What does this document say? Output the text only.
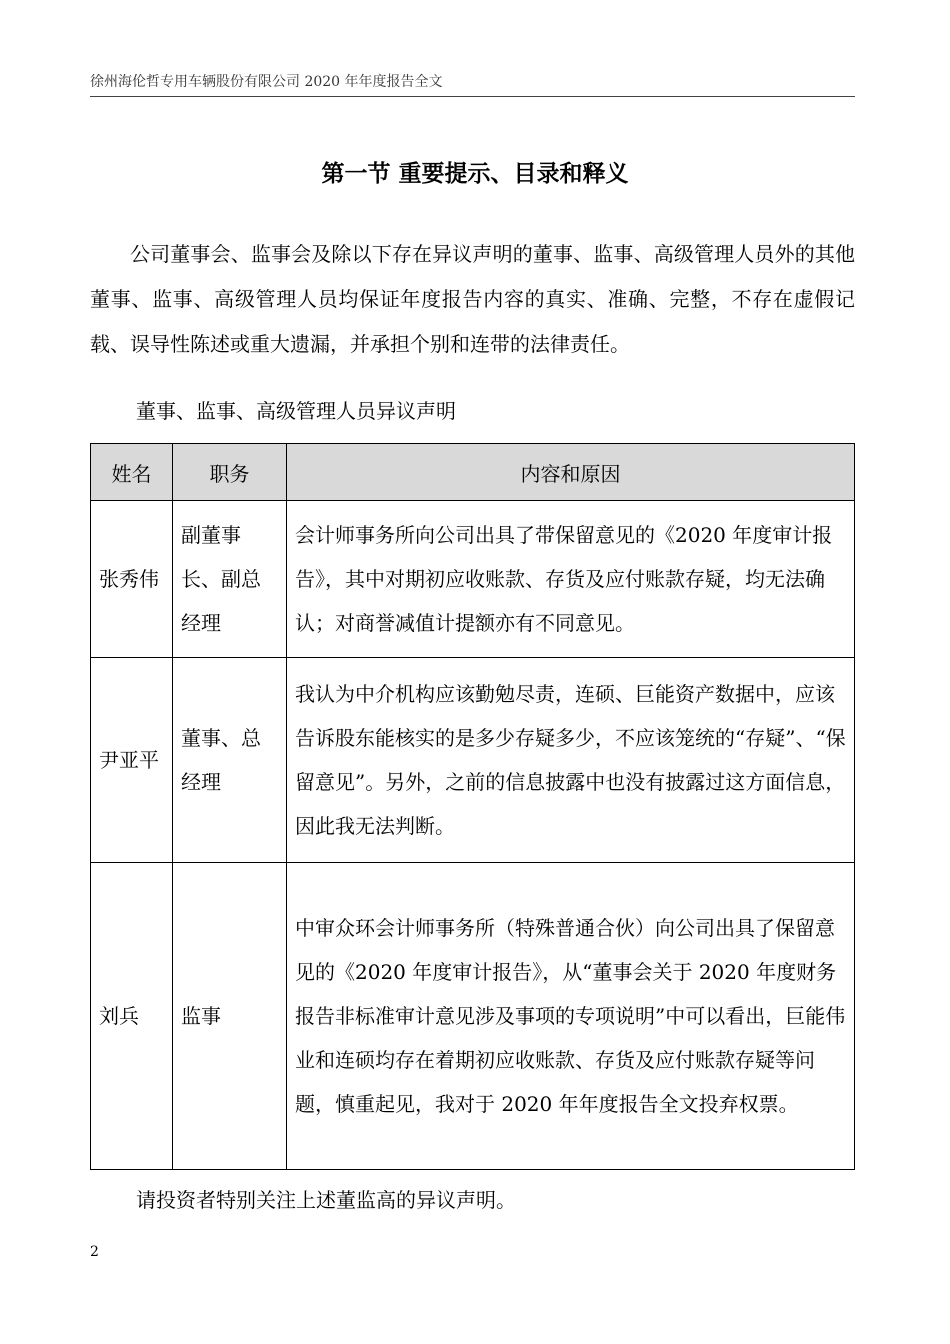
徐州海伦哲专用车辆股份有限公司 2020 年年度报告全文
第一节 重要提示、目录和释义

公司董事会、监事会及除以下存在异议声明的董事、监事、高级管理人员外的其他董事、监事、高级管理人员均保证年度报告内容的真实、准确、完整，不存在虚假记载、误导性陈述或重大遗漏，并承担个别和连带的法律责任。

董事、监事、高级管理人员异议声明
姓名	职务	内容和原因
张秀伟	副董事长、副总经理	会计师事务所向公司出具了带保留意见的《2020 年度审计报告》，其中对期初应收账款、存货及应付账款存疑，均无法确认；对商誉减值计提额亦有不同意见。
尹亚平	董事、总经理	我认为中介机构应该勤勉尽责，连硕、巨能资产数据中，应该告诉股东能核实的是多少存疑多少，不应该笼统的“存疑”、“保留意见”。另外，之前的信息披露中也没有披露过这方面信息，因此我无法判断。
刘兵	监事	中审众环会计师事务所（特殊普通合伙）向公司出具了保留意见的《2020 年度审计报告》，从“董事会关于 2020 年度财务报告非标准审计意见涉及事项的专项说明”中可以看出，巨能伟业和连硕均存在着期初应收账款、存货及应付账款存疑等问题，慎重起见，我对于 2020 年年度报告全文投弃权票。
请投资者特别关注上述董监高的异议声明。
2
